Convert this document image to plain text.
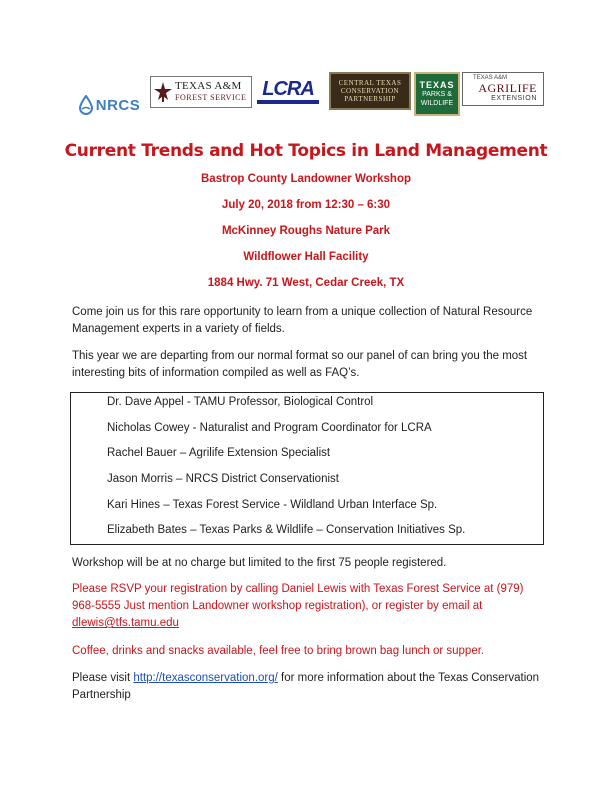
NRCS
TEXAS A&M
FOREST SERVICE LCRA	CENTRAL TEXAS
CONSERVATION
PARTNERSHIP
TEXAS
PARKS &
WILDLIFE
TEXAS A&M
AGRILIFE
EXTENSION
Current Trends and Hot Topics in Land Management
Bastrop County Landowner Workshop
July 20, 2018 from 12:30 – 6:30
McKinney Roughs Nature Park
Wildflower Hall Facility
1884 Hwy. 71 West, Cedar Creek, TX
Come join us for this rare opportunity to learn from a unique collection of Natural Resource Management experts in a variety of fields.
This year we are departing from our normal format so our panel of can bring you the most interesting bits of information compiled as well as FAQ’s.
Dr. Dave Appel - TAMU Professor, Biological Control
Nicholas Cowey - Naturalist and Program Coordinator for LCRA
Rachel Bauer – Agrilife Extension Specialist
Jason Morris – NRCS District Conservationist
Kari Hines – Texas Forest Service - Wildland Urban Interface Sp.
Elizabeth Bates – Texas Parks & Wildlife – Conservation Initiatives Sp.
Workshop will be at no charge but limited to the first 75 people registered.
Please RSVP your registration by calling Daniel Lewis with Texas Forest Service at (979) 968-5555 Just mention Landowner workshop registration), or register by email at dlewis@tfs.tamu.edu
Coffee, drinks and snacks available, feel free to bring brown bag lunch or supper.
Please visit http://texasconservation.org/ for more information about the Texas Conservation Partnership
